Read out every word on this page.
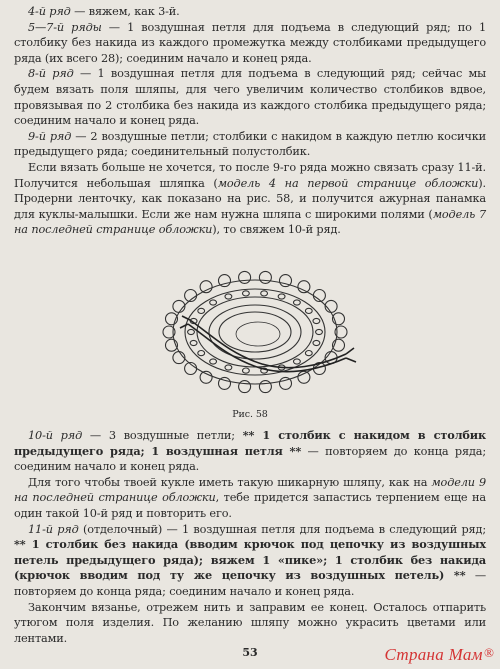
4-й ряд — вяжем, как 3-й.

5—7-й ряды — 1 воздушная петля для подъема в следующий ряд; по 1 столбику без накида из каждого промежутка между столбиками предыдущего ряда (их всего 28); соединим начало и конец ряда.

8-й ряд — 1 воздушная петля для подъема в следующий ряд; сейчас мы будем вязать поля шляпы, для чего увеличим количество столбиков вдвое, провязывая по 2 столбика без накида из каждого столбика предыдущего ряда; соединим начало и конец ряда.

9-й ряд — 2 воздушные петли; столбики с накидом в каждую петлю косички предыдущего ряда; соединительный полустолбик.

Если вязать больше не хочется, то после 9-го ряда можно связать сразу 11-й. Получится небольшая шляпка (модель 4 на первой странице обложки). Продерни ленточку, как показано на рис. 58, и получится ажурная панамка для куклы-малышки. Если же нам нужна шляпа с широкими полями (модель 7 на последней странице обложки), то свяжем 10-й ряд.

Рис. 58

10-й ряд — 3 воздушные петли; ** 1 столбик с накидом в столбик предыдущего ряда; 1 воздушная петля ** — повторяем до конца ряда; соединим начало и конец ряда.

Для того чтобы твоей кукле иметь такую шикарную шляпу, как на модели 9 на последней странице обложки, тебе придется запастись терпением еще на один такой 10-й ряд и повторить его.

11-й ряд (отделочный) — 1 воздушная петля для подъема в следующий ряд; ** 1 столбик без накида (вводим крючок под цепочку из воздушных петель предыдущего ряда); вяжем 1 «пике»; 1 столбик без накида (крючок вводим под ту же цепочку из воздушных петель) ** — повторяем до конца ряда; соединим начало и конец ряда.

Закончим вязанье, отрежем нить и заправим ее конец. Осталось отпарить утюгом поля изделия. По желанию шляпу можно украсить цветами или лентами.

53	Страна Мам®
